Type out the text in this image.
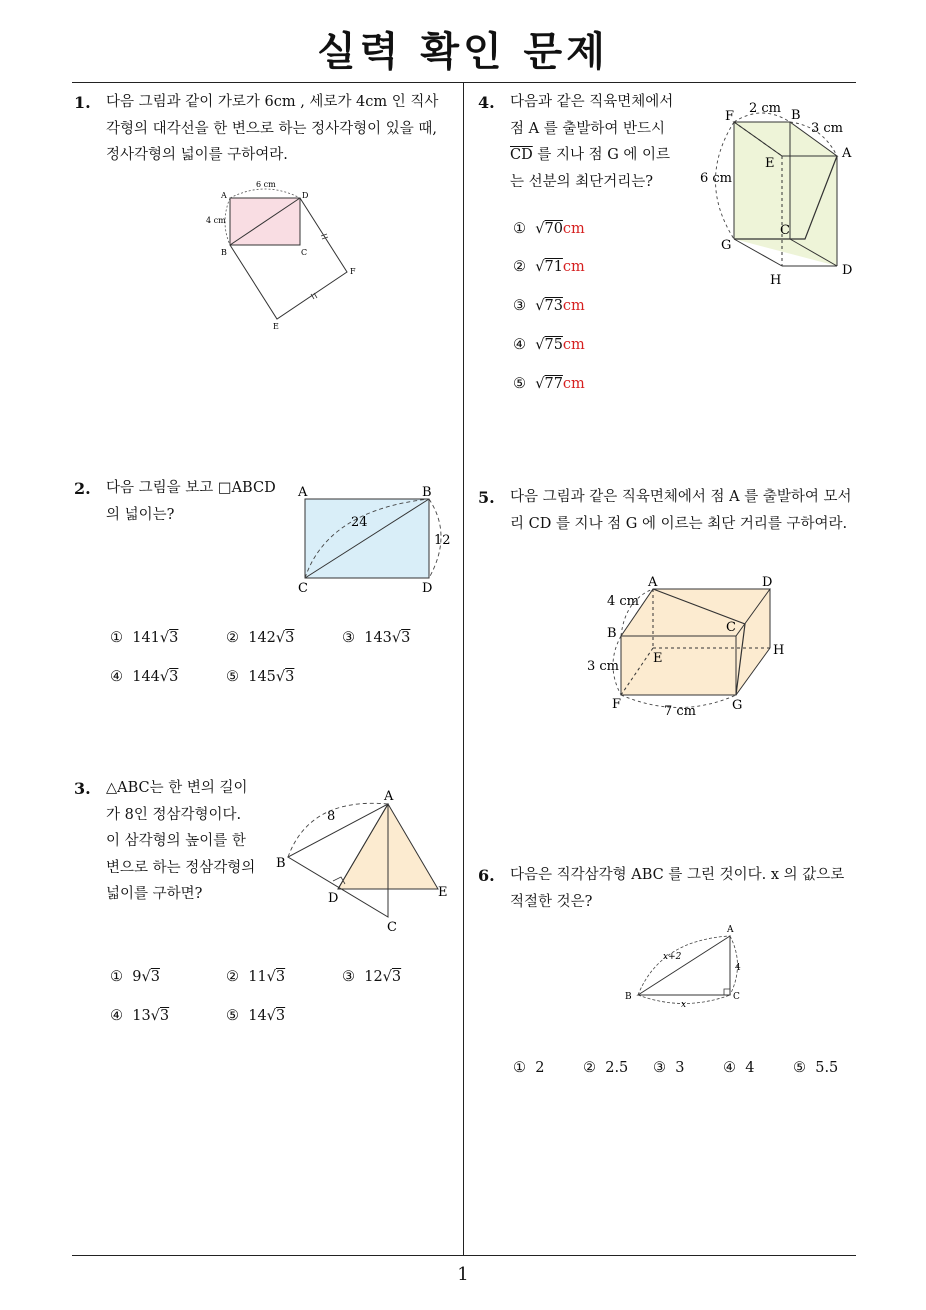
실력 확인 문제
1
1. 다음 그림과 같이 가로가 6cm , 세로가 4cm 인 직사
각형의 대각선을 한 변으로 하는 정사각형이 있을 때,
정사각형의 넓이를 구하여라.
6 cm
4 cm
A	D
B	C
F
E
2. 다음 그림을 보고 □ABCD
의 넓이는?
A	B
C	D
24
12
① 141√3	② 142√3	③ 143√3
④ 144√3	⑤ 145√3
3. △ABC는 한 변의 길이
가 8인 정삼각형이다.
이 삼각형의 높이를 한
변으로 하는 정삼각형의
넓이를 구하면?
A
B
D	E
C
8
① 9√3	② 11√3	③ 12√3
④ 13√3	⑤ 14√3
4. 다음과 같은 직육면체에서
점 A 를 출발하여 반드시
$\overline{CD}$ 를 지나 점 G 에 이르
는 선분의 최단거리는?
F	B
A
E
C
G
H
D
2 cm
3 cm
6 cm
① √70cm
② √71cm
③ √73cm
④ √75cm
⑤ √77cm
5. 다음 그림과 같은 직육면체에서 점 A 를 출발하여 모서
리 CD 를 지나 점 G 에 이르는 최단 거리를 구하여라.
A	D
B	C
E
H
F	G
4 cm
3 cm
7 cm
6. 다음은 직각삼각형 ABC 를 그린 것이다. x 의 값으로
적절한 것은?
A
B	C
x+2
4
x
① 2	② 2.5 ③ 3	④ 4	⑤ 5.5
